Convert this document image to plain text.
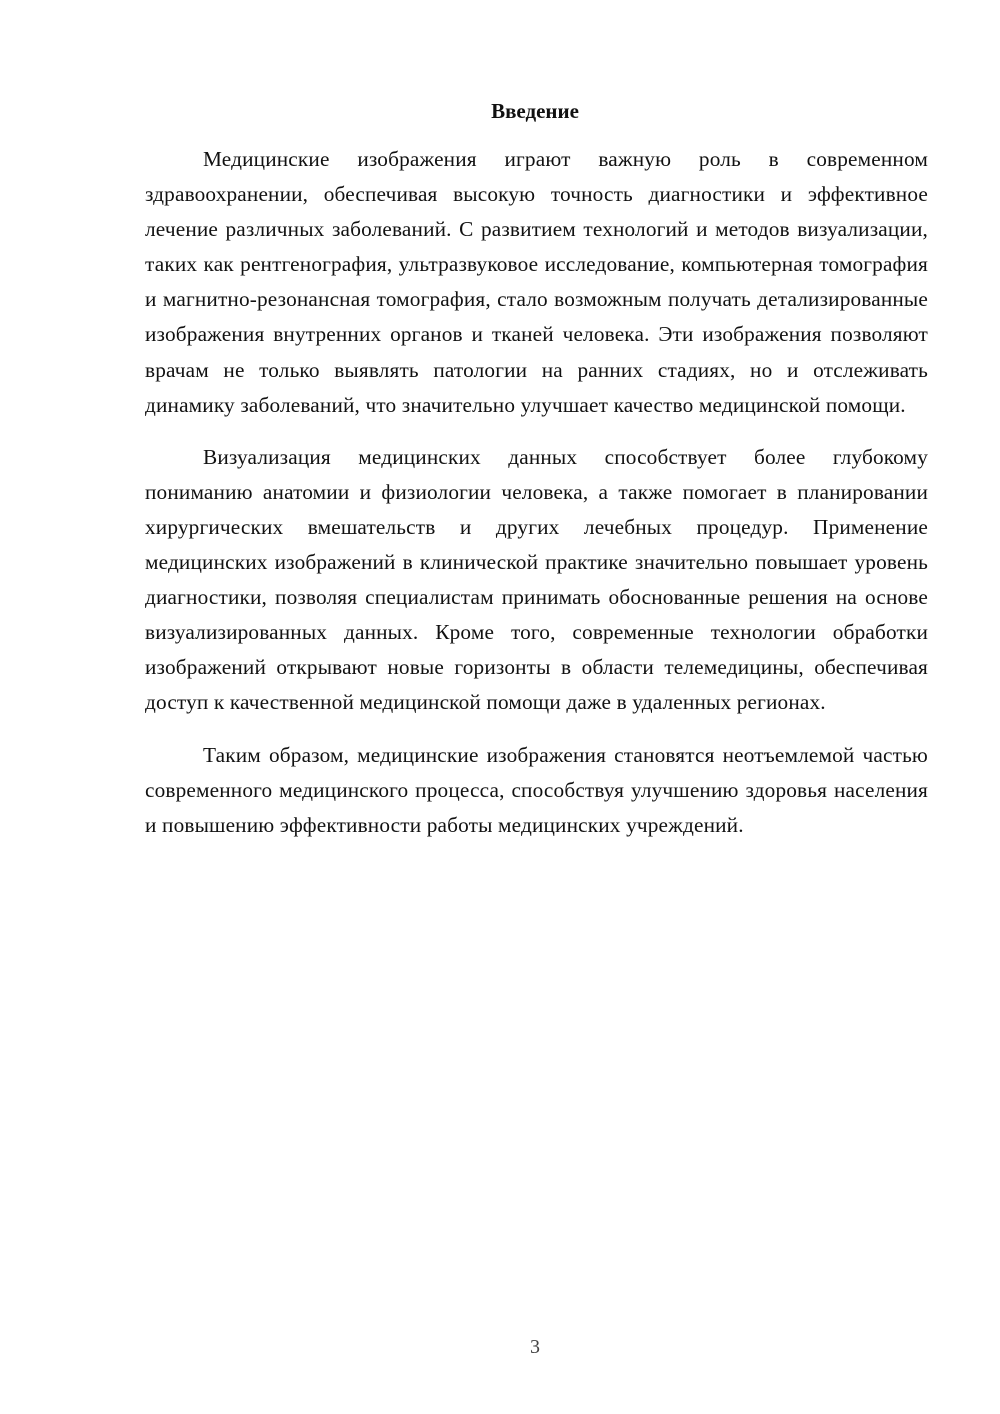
Введение

Медицинские изображения играют важную роль в современном здравоохранении, обеспечивая высокую точность диагностики и эффективное лечение различных заболеваний. С развитием технологий и методов визуализации, таких как рентгенография, ультразвуковое исследование, компьютерная томография и магнитно-резонансная томография, стало возможным получать детализированные изображения внутренних органов и тканей человека. Эти изображения позволяют врачам не только выявлять патологии на ранних стадиях, но и отслеживать динамику заболеваний, что значительно улучшает качество медицинской помощи.

Визуализация медицинских данных способствует более глубокому пониманию анатомии и физиологии человека, а также помогает в планировании хирургических вмешательств и других лечебных процедур. Применение медицинских изображений в клинической практике значительно повышает уровень диагностики, позволяя специалистам принимать обоснованные решения на основе визуализированных данных. Кроме того, современные технологии обработки изображений открывают новые горизонты в области телемедицины, обеспечивая доступ к качественной медицинской помощи даже в удаленных регионах.

Таким образом, медицинские изображения становятся неотъемлемой частью современного медицинского процесса, способствуя улучшению здоровья населения и повышению эффективности работы медицинских учреждений.

3
